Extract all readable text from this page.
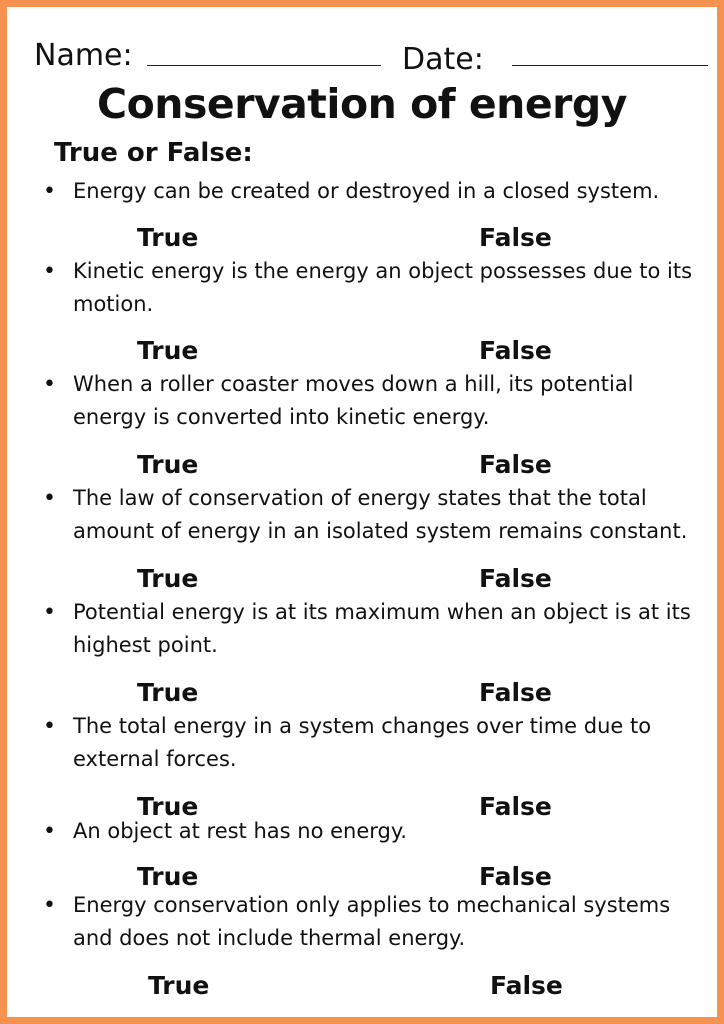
Name:	Date:
Conservation of energy
True or False:
• Energy can be created or destroyed in a closed system.
True	False
• Kinetic energy is the energy an object possesses due to its motion.
True	False
• When a roller coaster moves down a hill, its potential energy is converted into kinetic energy.
True	False
• The law of conservation of energy states that the total amount of energy in an isolated system remains constant.
True	False
• Potential energy is at its maximum when an object is at its highest point.
True	False
• The total energy in a system changes over time due to external forces.
True	False
• An object at rest has no energy.
True	False
• Energy conservation only applies to mechanical systems and does not include thermal energy.
True	False
